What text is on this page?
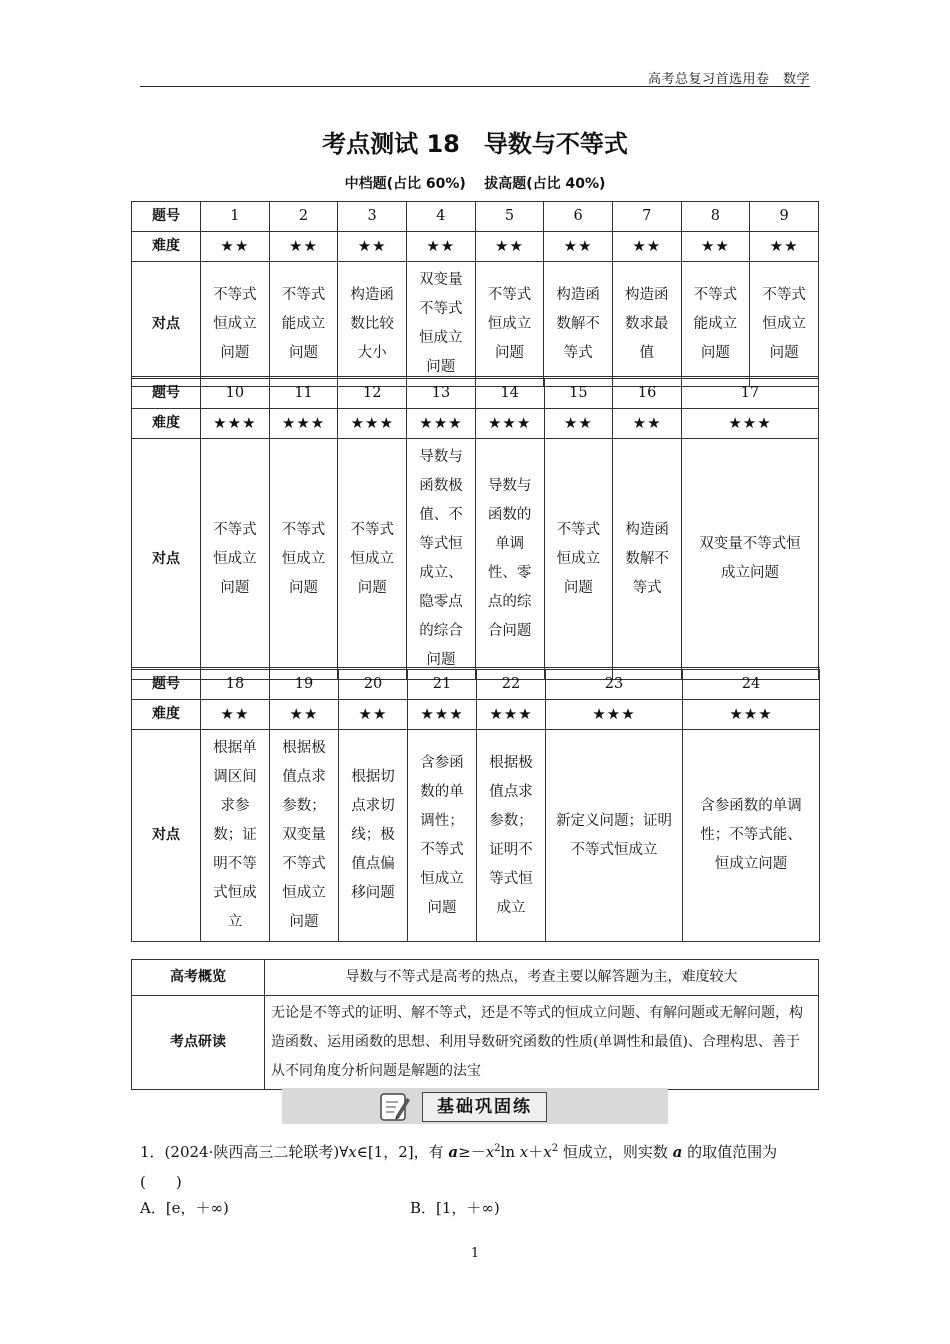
高考总复习首选用卷　数学
考点测试 18　导数与不等式
中档题(占比 60%)　 拔高题(占比 40%)
题号	1	2	3	4	5	6	7	8	9
难度	★★	★★	★★	★★	★★	★★	★★	★★	★★
对点	不等式恒成立问题	不等式能成立问题	构造函数比较大小	双变量不等式恒成立问题	不等式恒成立问题	构造函数解不等式	构造函数求最值	不等式能成立问题	不等式恒成立问题
题号	10	11	12	13	14	15	16	17
难度	★★★	★★★	★★★	★★★	★★★	★★	★★	★★★
对点	不等式恒成立问题	不等式恒成立问题	不等式恒成立问题	导数与函数极值、不等式恒成立、隐零点的综合问题	导数与函数的单调性、零点的综合问题	不等式恒成立问题	构造函数解不等式	双变量不等式恒成立问题
题号	18	19	20	21	22	23	24
难度	★★	★★	★★	★★★	★★★	★★★	★★★
对点	根据单调区间求参数；证明不等式恒成立	根据极值点求参数；双变量不等式恒成立问题	根据切点求切线；极值点偏移问题	含参函数的单调性；不等式恒成立问题	根据极值点求参数；证明不等式恒成立	新定义问题；证明不等式恒成立	含参函数的单调性；不等式能、恒成立问题
高考概览	导数与不等式是高考的热点，考查主要以解答题为主，难度较大
考点研读	无论是不等式的证明、解不等式，还是不等式的恒成立问题、有解问题或无解问题，构造函数、运用函数的思想、利用导数研究函数的性质(单调性和最值)、合理构思、善于从不同角度分析问题是解题的法宝
基础巩固练
1．(2024·陕西高三二轮联考)∀x∈[1，2]，有 $a\ge-x^2\ln$ $x+x^2$ 恒成立，则实数 a 的取值范围为(　　)
A．[e，＋∞)	B．[1，＋∞)
1
